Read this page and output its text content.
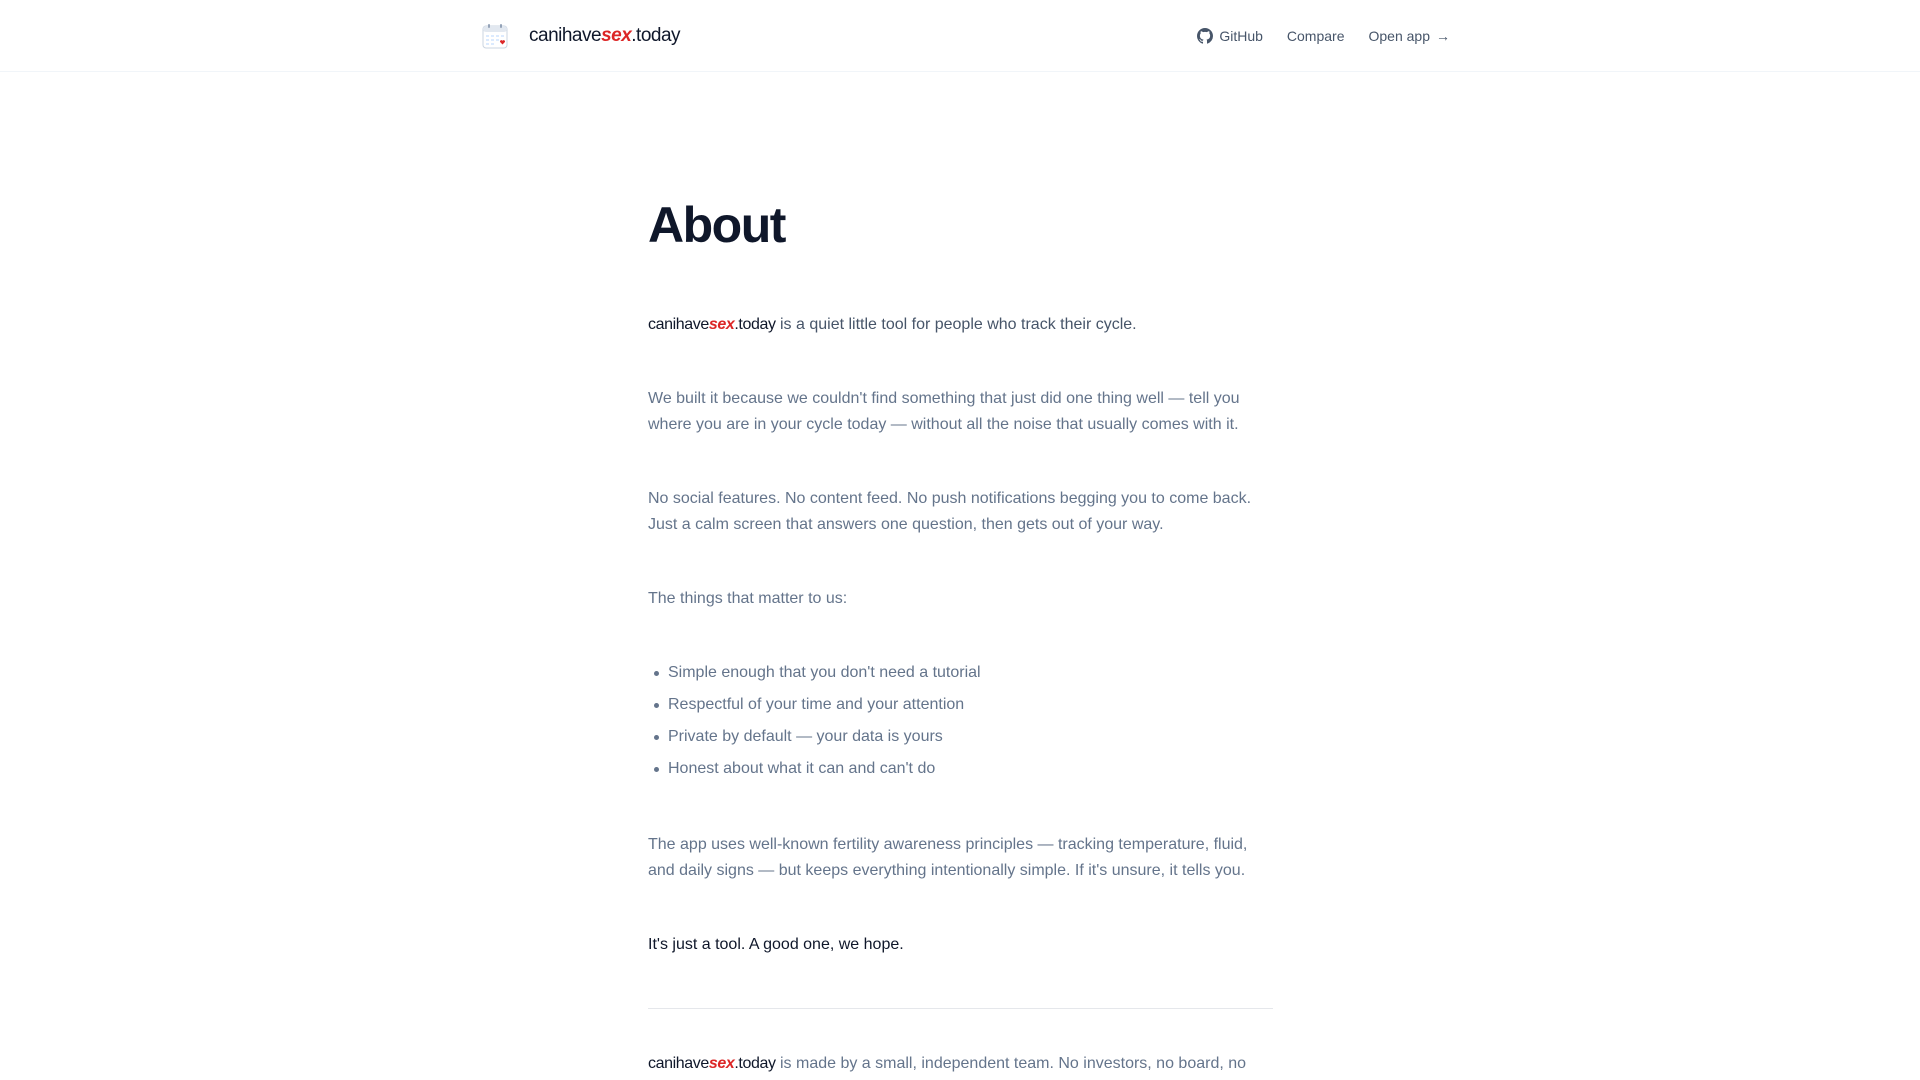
canihavesex.today	GitHub Compare Open app →
About

canihavesex.today is a quiet little tool for people who track their cycle.

We built it because we couldn't find something that just did one thing well — tell you where you are in your cycle today — without all the noise that usually comes with it.

No social features. No content feed. No push notifications begging you to come back. Just a calm screen that answers one question, then gets out of your way.

The things that matter to us:

Simple enough that you don't need a tutorial
Respectful of your time and your attention
Private by default — your data is yours
Honest about what it can and can't do

The app uses well-known fertility awareness principles — tracking temperature, fluid, and daily signs — but keeps everything intentionally simple. If it's unsure, it tells you.

It's just a tool. A good one, we hope.

canihavesex.today is made by a small, independent team. No investors, no board, no
